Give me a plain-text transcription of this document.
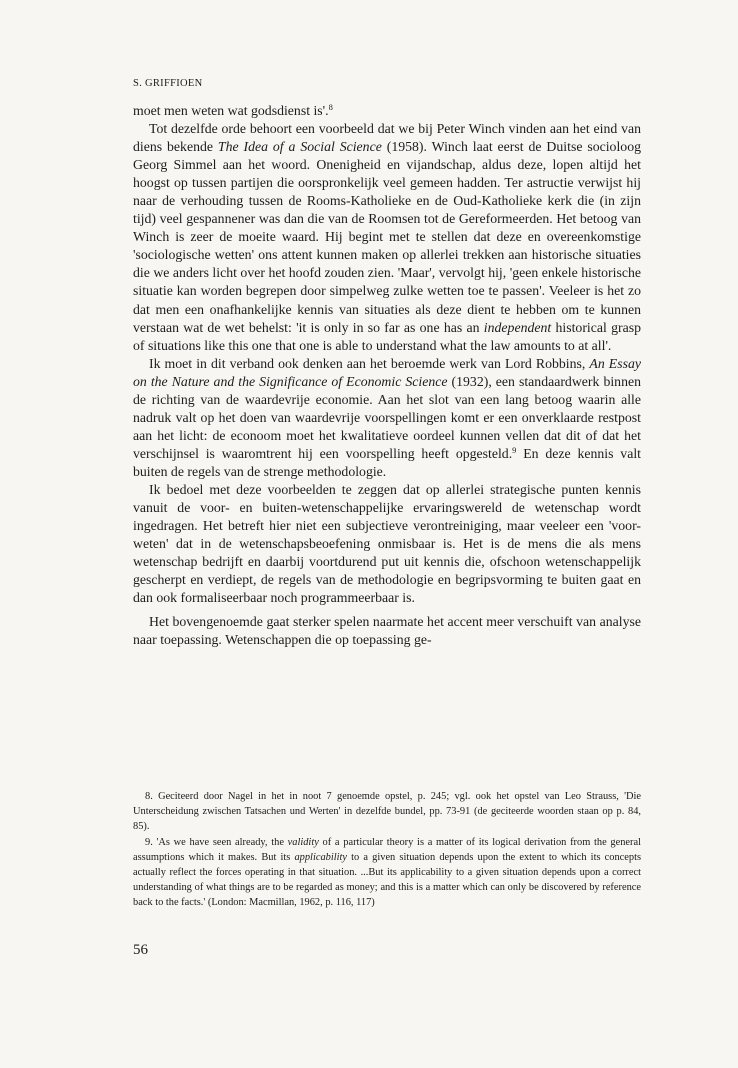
S. GRIFFIOEN

moet men weten wat godsdienst is'.$^8$

Tot dezelfde orde behoort een voorbeeld dat we bij Peter Winch vinden aan het eind van diens bekende The Idea of a Social Science (1958). Winch laat eerst de Duitse socioloog Georg Simmel aan het woord. Onenigheid en vijandschap, aldus deze, lopen altijd het hoogst op tussen partijen die oorspronkelijk veel gemeen hadden. Ter astructie verwijst hij naar de verhouding tussen de Rooms-Katholieke en de Oud-Katholieke kerk die (in zijn tijd) veel gespannener was dan die van de Roomsen tot de Gereformeerden. Het betoog van Winch is zeer de moeite waard. Hij begint met te stellen dat deze en overeenkomstige 'sociologische wetten' ons attent kunnen maken op allerlei trekken aan historische situaties die we anders licht over het hoofd zouden zien. 'Maar', vervolgt hij, 'geen enkele historische situatie kan worden begrepen door simpelweg zulke wetten toe te passen'. Veeleer is het zo dat men een onafhankelijke kennis van situaties als deze dient te hebben om te kunnen verstaan wat de wet behelst: 'it is only in so far as one has an independent historical grasp of situations like this one that one is able to understand what the law amounts to at all'.

Ik moet in dit verband ook denken aan het beroemde werk van Lord Robbins, An Essay on the Nature and the Significance of Economic Science (1932), een standaardwerk binnen de richting van de waardevrije economie. Aan het slot van een lang betoog waarin alle nadruk valt op het doen van waardevrije voorspellingen komt er een onverklaarde restpost aan het licht: de econoom moet het kwalitatieve oordeel kunnen vellen dat dit of dat het verschijnsel is waaromtrent hij een voorspelling heeft opgesteld.$^9$ En deze kennis valt buiten de regels van de strenge methodologie.

Ik bedoel met deze voorbeelden te zeggen dat op allerlei strategische punten kennis vanuit de voor- en buiten-wetenschappelijke ervaringswereld de wetenschap wordt ingedragen. Het betreft hier niet een subjectieve verontreiniging, maar veeleer een 'voor-weten' dat in de wetenschapsbeoefening onmisbaar is. Het is de mens die als mens wetenschap bedrijft en daarbij voortdurend put uit kennis die, ofschoon wetenschappelijk gescherpt en verdiept, de regels van de methodologie en begripsvorming te buiten gaat en dan ook formaliseerbaar noch programmeerbaar is.

Het bovengenoemde gaat sterker spelen naarmate het accent meer verschuift van analyse naar toepassing. Wetenschappen die op toepassing ge-

8. Geciteerd door Nagel in het in noot 7 genoemde opstel, p. 245; vgl. ook het opstel van Leo Strauss, 'Die Unterscheidung zwischen Tatsachen und Werten' in dezelfde bundel, pp. 73-91 (de geciteerde woorden staan op p. 84, 85).

9. 'As we have seen already, the validity of a particular theory is a matter of its logical derivation from the general assumptions which it makes. But its applicability to a given situation depends upon the extent to which its concepts actually reflect the forces operating in that situation. ...But its applicability to a given situation depends upon a correct understanding of what things are to be regarded as money; and this is a matter which can only be discovered by reference back to the facts.' (London: Macmillan, 1962, p. 116, 117)

56
